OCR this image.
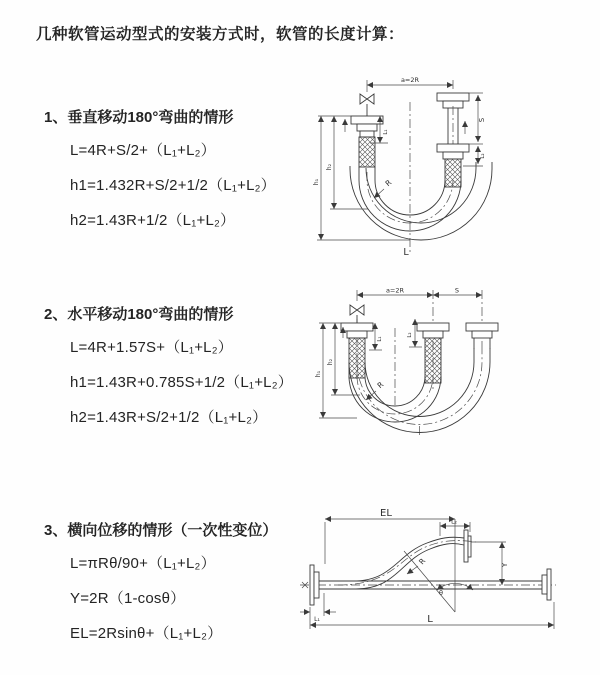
几种软管运动型式的安装方式时，软管的长度计算：
1、垂直移动180°弯曲的情形
L=4R+S/2+（L₁+L₂）
h1=1.432R+S/2+1/2（L₁+L₂）
h2=1.43R+1/2（L₁+L₂）
a=2R
h₁
h₂
L₁
S
L₂
R
L
2、水平移动180°弯曲的情形
L=4R+1.57S+（L₁+L₂）
h1=1.43R+0.785S+1/2（L₁+L₂）
h2=1.43R+S/2+1/2（L₁+L₂）
a=2R	S
h₁
h₂
L₁
L₂
R
3、横向位移的情形（一次性变位）
L=πRθ/90+（L₁+L₂）
Y=2R（1-cosθ）
EL=2Rsinθ+（L₁+L₂）
EL
L₂
θ
R	Y
L₁	L
